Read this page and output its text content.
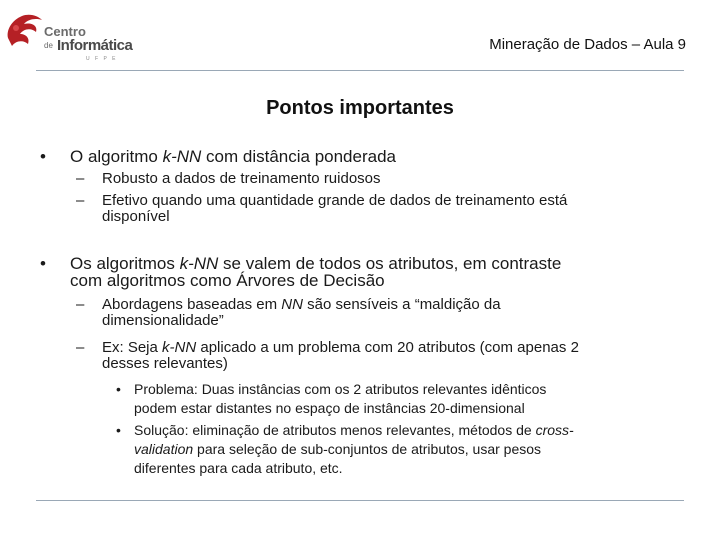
Centro
de Informática
U F P E
Mineração de Dados – Aula 9
Pontos importantes
• O algoritmo k-NN com distância ponderada
– Robusto a dados de treinamento ruidosos
– Efetivo quando uma quantidade grande de dados de treinamento está
disponível
• Os algoritmos k-NN se valem de todos os atributos, em contraste
com algoritmos como Árvores de Decisão
– Abordagens baseadas em NN são sensíveis a “maldição da
dimensionalidade”
– Ex: Seja k-NN aplicado a um problema com 20 atributos (com apenas 2
desses relevantes)
• Problema: Duas instâncias com os 2 atributos relevantes idênticos
podem estar distantes no espaço de instâncias 20-dimensional
• Solução: eliminação de atributos menos relevantes, métodos de cross-
validation para seleção de sub-conjuntos de atributos, usar pesos
diferentes para cada atributo, etc.
